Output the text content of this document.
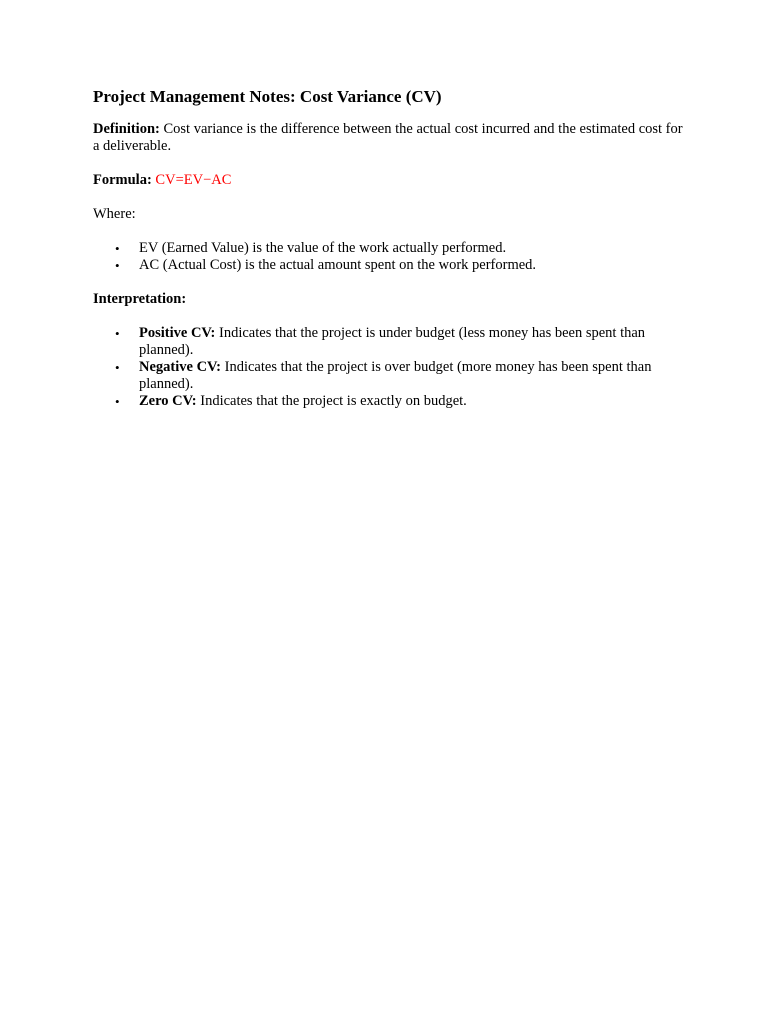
Project Management Notes: Cost Variance (CV)

Definition: Cost variance is the difference between the actual cost incurred and the estimated cost for a deliverable.

Formula: CV=EV−AC

Where:

• EV (Earned Value) is the value of the work actually performed.
• AC (Actual Cost) is the actual amount spent on the work performed.

Interpretation:

• Positive CV: Indicates that the project is under budget (less money has been spent than planned).
• Negative CV: Indicates that the project is over budget (more money has been spent than planned).
• Zero CV: Indicates that the project is exactly on budget.
